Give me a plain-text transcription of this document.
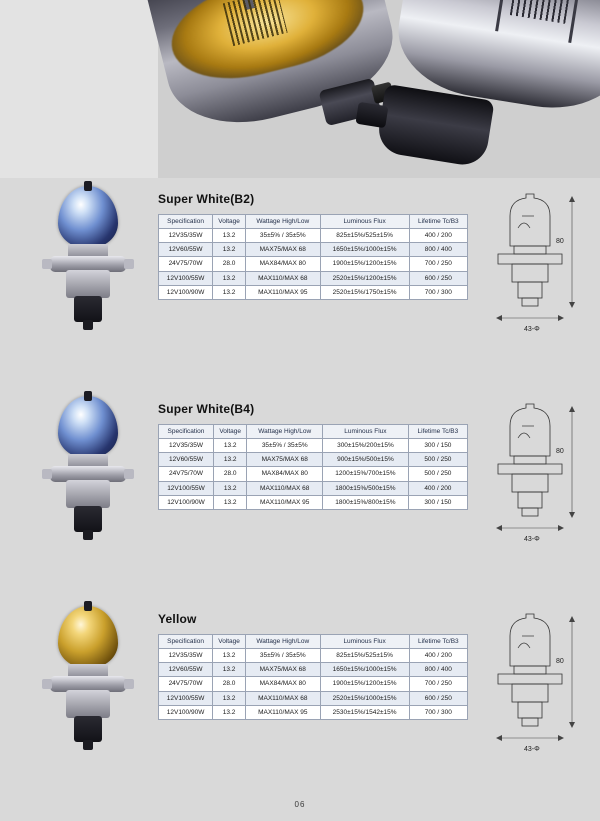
Super White(B2)
Specification	Voltage	Wattage High/Low	Luminous Flux	Lifetime Tc/B3
12V35/35W	13.2	35±5% / 35±5%	825±15%/525±15%	400 / 200
12V60/55W	13.2	MAX75/MAX 68	1650±15%/1000±15%	800 / 400
24V75/70W	28.0	MAX84/MAX 80	1900±15%/1200±15%	700 / 250
12V100/55W	13.2	MAX110/MAX 68	2520±15%/1200±15%	600 / 250
12V100/90W	13.2	MAX110/MAX 95	2520±15%/1750±15%	700 / 300
80
43-Φ
Super White(B4)
Specification	Voltage	Wattage High/Low	Luminous Flux	Lifetime Tc/B3
12V35/35W	13.2	35±5% / 35±5%	300±15%/200±15%	300 / 150
12V60/55W	13.2	MAX75/MAX 68	900±15%/500±15%	500 / 250
24V75/70W	28.0	MAX84/MAX 80	1200±15%/700±15%	500 / 250
12V100/55W	13.2	MAX110/MAX 68	1800±15%/500±15%	400 / 200
12V100/90W	13.2	MAX110/MAX 95	1800±15%/800±15%	300 / 150
80
43-Φ
Yellow
Specification	Voltage	Wattage High/Low	Luminous Flux	Lifetime Tc/B3
12V35/35W	13.2	35±5% / 35±5%	825±15%/525±15%	400 / 200
12V60/55W	13.2	MAX75/MAX 68	1650±15%/1000±15%	800 / 400
24V75/70W	28.0	MAX84/MAX 80	1900±15%/1200±15%	700 / 250
12V100/55W	13.2	MAX110/MAX 68	2520±15%/1000±15%	600 / 250
12V100/90W	13.2	MAX110/MAX 95	2530±15%/1542±15%	700 / 300
80
43-Φ
06
